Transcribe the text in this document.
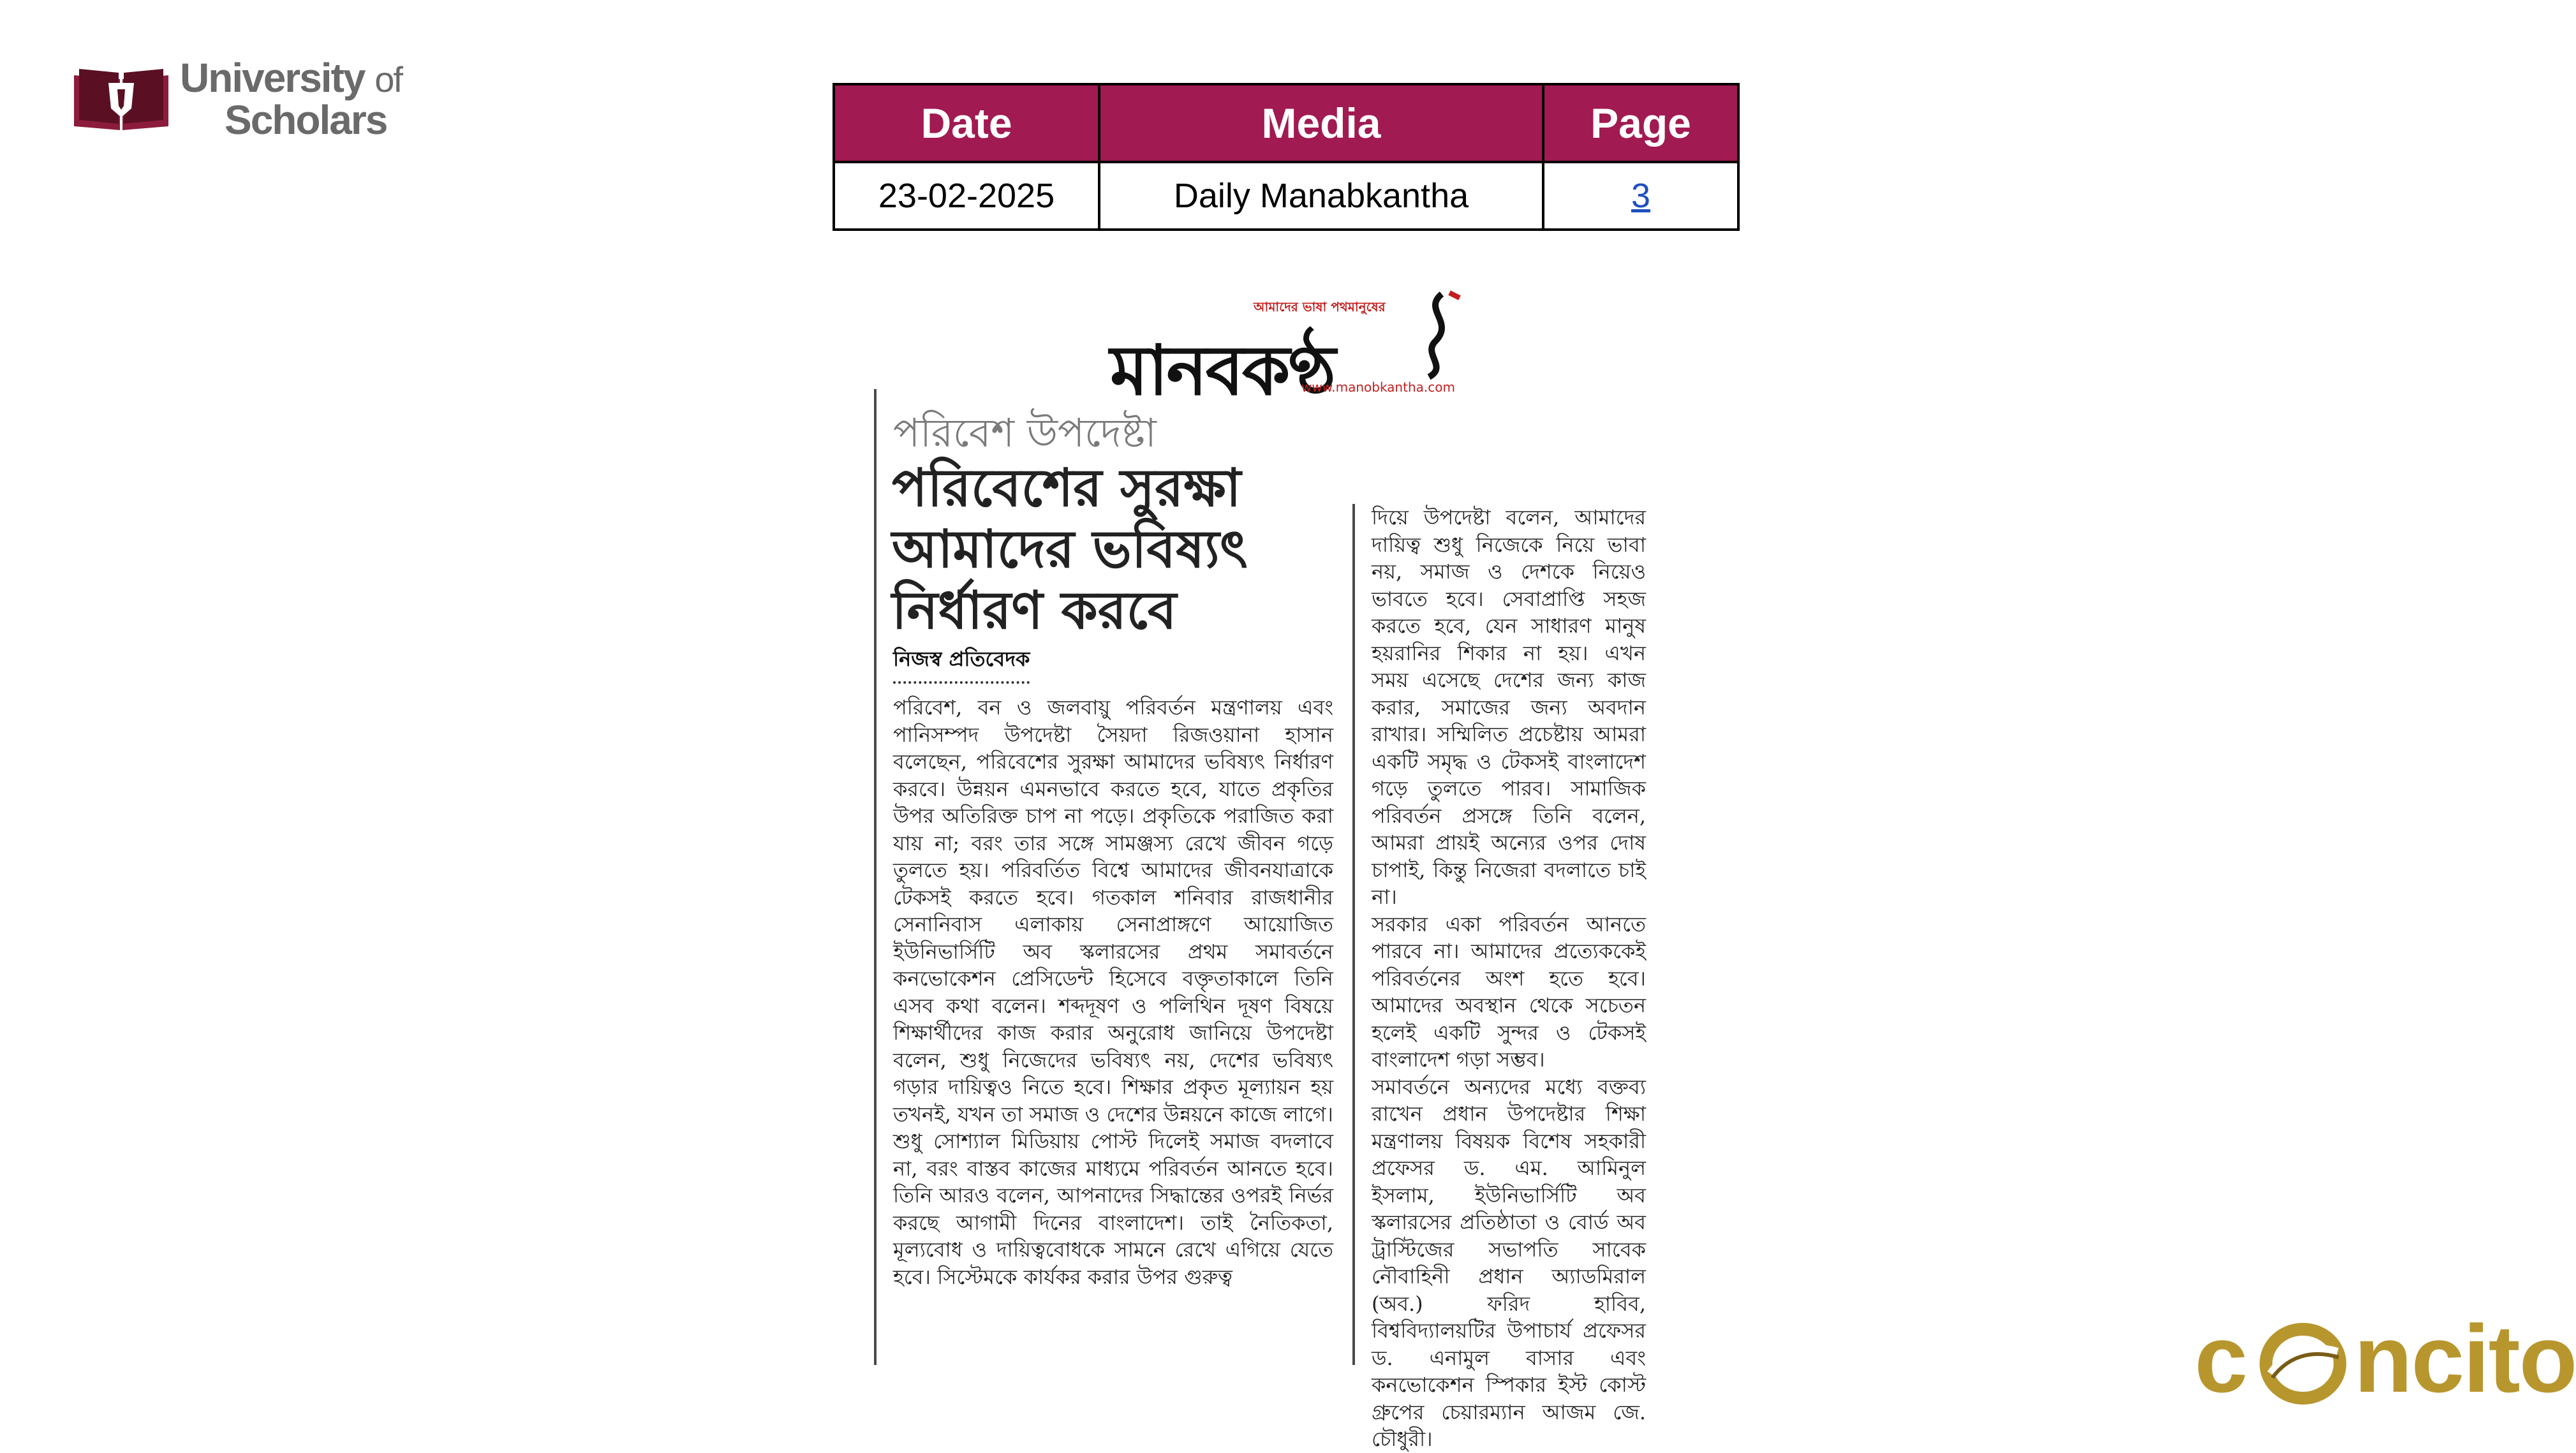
University of
Scholars	Date	Media	Page
23-02-2025	Daily Manabkantha	3
আমাদের ভাষা পথমানুষের
মানবকণ্ঠ
www.manobkantha.com
পরিবেশ উপদেষ্টা
পরিবেশের সুরক্ষা আমাদের ভবিষ্যৎ নির্ধারণ করবে
নিজস্ব প্রতিবেদক

পরিবেশ, বন ও জলবায়ু পরিবর্তন মন্ত্রণালয় এবং পানিসম্পদ উপদেষ্টা সৈয়দা রিজওয়ানা হাসান বলেছেন, পরিবেশের সুরক্ষা আমাদের ভবিষ্যৎ নির্ধারণ করবে। উন্নয়ন এমনভাবে করতে হবে, যাতে প্রকৃতির উপর অতিরিক্ত চাপ না পড়ে। প্রকৃতিকে পরাজিত করা যায় না; বরং তার সঙ্গে সামঞ্জস্য রেখে জীবন গড়ে তুলতে হয়। পরিবর্তিত বিশ্বে আমাদের জীবনযাত্রাকে টেকসই করতে হবে। গতকাল শনিবার রাজধানীর সেনানিবাস এলাকায় সেনাপ্রাঙ্গণে আয়োজিত ইউনিভার্সিটি অব স্কলারসের প্রথম সমাবর্তনে কনভোকেশন প্রেসিডেন্ট হিসেবে বক্তৃতাকালে তিনি এসব কথা বলেন। শব্দদূষণ ও পলিথিন দূষণ বিষয়ে শিক্ষার্থীদের কাজ করার অনুরোধ জানিয়ে উপদেষ্টা বলেন, শুধু নিজেদের ভবিষ্যৎ নয়, দেশের ভবিষ্যৎ গড়ার দায়িত্বও নিতে হবে। শিক্ষার প্রকৃত মূল্যায়ন হয় তখনই, যখন তা সমাজ ও দেশের উন্নয়নে কাজে লাগে। শুধু সোশ্যাল মিডিয়ায় পোস্ট দিলেই সমাজ বদলাবে না, বরং বাস্তব কাজের মাধ্যমে পরিবর্তন আনতে হবে। তিনি আরও বলেন, আপনাদের সিদ্ধান্তের ওপরই নির্ভর করছে আগামী দিনের বাংলাদেশ। তাই নৈতিকতা, মূল্যবোধ ও দায়িত্ববোধকে সামনে রেখে এগিয়ে যেতে হবে। সিস্টেমকে কার্যকর করার উপর গুরুত্ব

দিয়ে উপদেষ্টা বলেন, আমাদের দায়িত্ব শুধু নিজেকে নিয়ে ভাবা নয়, সমাজ ও দেশকে নিয়েও ভাবতে হবে। সেবাপ্রাপ্তি সহজ করতে হবে, যেন সাধারণ মানুষ হয়রানির শিকার না হয়। এখন সময় এসেছে দেশের জন্য কাজ করার, সমাজের জন্য অবদান রাখার। সম্মিলিত প্রচেষ্টায় আমরা একটি সমৃদ্ধ ও টেকসই বাংলাদেশ গড়ে তুলতে পারব। সামাজিক পরিবর্তন প্রসঙ্গে তিনি বলেন, আমরা প্রায়ই অন্যের ওপর দোষ চাপাই, কিন্তু নিজেরা বদলাতে চাই না।

সরকার একা পরিবর্তন আনতে পারবে না। আমাদের প্রত্যেককেই পরিবর্তনের অংশ হতে হবে। আমাদের অবস্থান থেকে সচেতন হলেই একটি সুন্দর ও টেকসই বাংলাদেশ গড়া সম্ভব।

সমাবর্তনে অন্যদের মধ্যে বক্তব্য রাখেন প্রধান উপদেষ্টার শিক্ষা মন্ত্রণালয় বিষয়ক বিশেষ সহকারী প্রফেসর ড. এম. আমিনুল ইসলাম, ইউনিভার্সিটি অব স্কলারসের প্রতিষ্ঠাতা ও বোর্ড অব ট্রাস্টিজের সভাপতি সাবেক নৌবাহিনী প্রধান অ্যাডমিরাল (অব.) ফরিদ হাবিব, বিশ্ববিদ্যালয়টির উপাচার্য প্রফেসর ড. এনামুল বাসার এবং কনভোকেশন স্পিকার ইস্ট কোস্ট গ্রুপের চেয়ারম্যান আজম জে. চৌধুরী।

c ncito
